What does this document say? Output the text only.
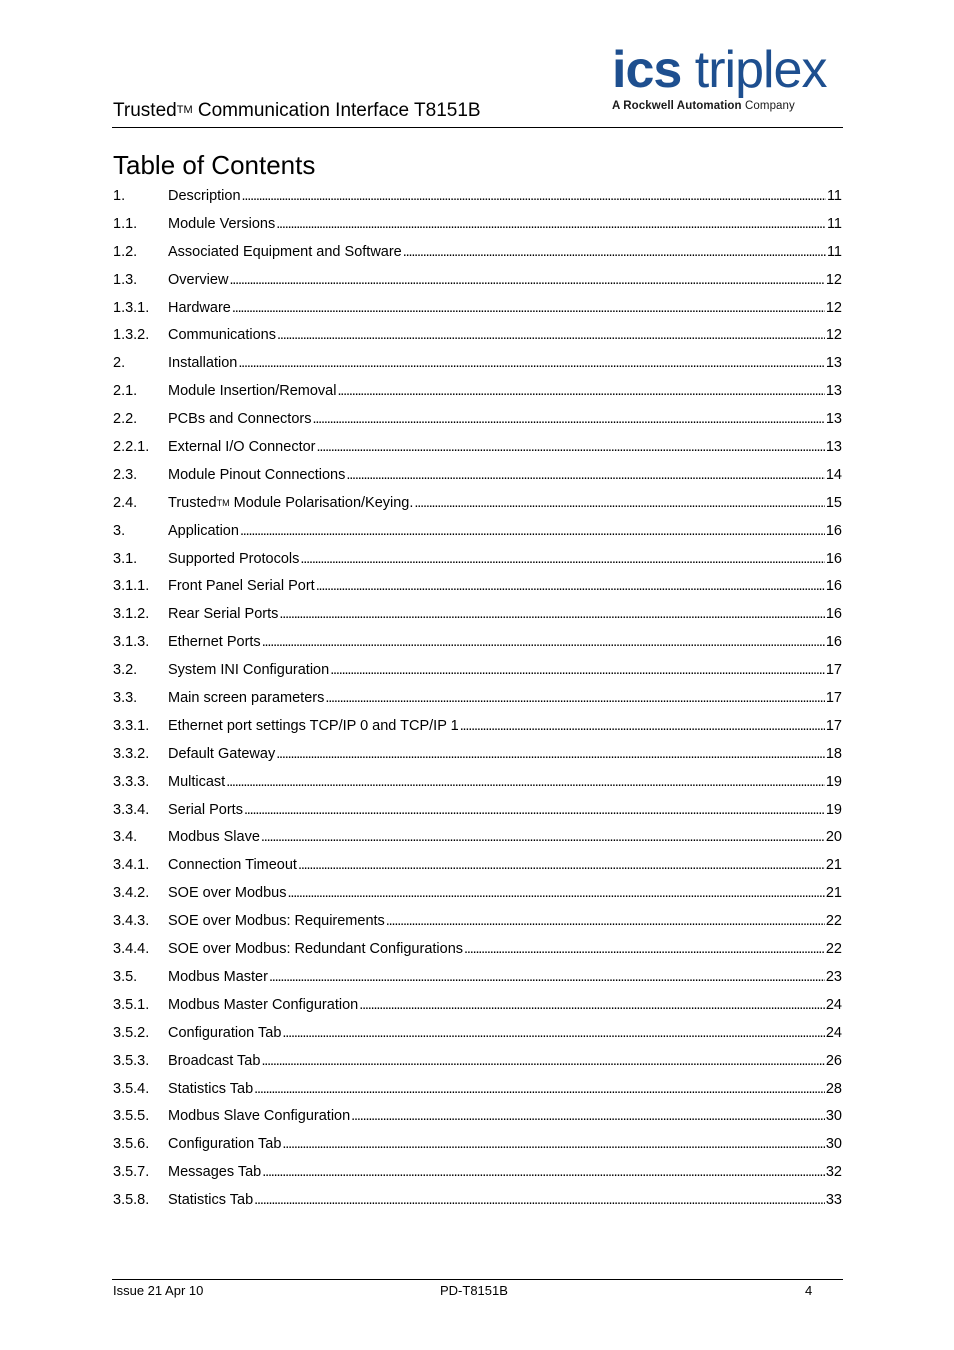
Trusted™ Communication Interface T8151B
ics triplex
A Rockwell Automation Company
Table of Contents
1.	Description . . .	11
1.1.	Module Versions . . .	11
1.2.	Associated Equipment and Software . . .	11
1.3.	Overview . . .	12
1.3.1.	Hardware . . .	12
1.3.2.	Communications . . .	12
2.	Installation . . .	13
2.1.	Module Insertion/Removal . . .	13
2.2.	PCBs and Connectors . . .	13
2.2.1.	External I/O Connector . . .	13
2.3.	Module Pinout Connections . . .	14
2.4.	Trusted™ Module Polarisation/Keying. . . .	15
3.	Application . . .	16
3.1.	Supported Protocols . . .	16
3.1.1.	Front Panel Serial Port . . .	16
3.1.2.	Rear Serial Ports . . .	16
3.1.3.	Ethernet Ports . . .	16
3.2.	System INI Configuration . . .	17
3.3.	Main screen parameters . . .	17
3.3.1.	Ethernet port settings TCP/IP 0 and TCP/IP 1 . . .	17
3.3.2.	Default Gateway . . .	18
3.3.3.	Multicast . . .	19
3.3.4.	Serial Ports . . .	19
3.4.	Modbus Slave . . .	20
3.4.1.	Connection Timeout . . .	21
3.4.2.	SOE over Modbus . . .	21
3.4.3.	SOE over Modbus: Requirements . . .	22
3.4.4.	SOE over Modbus: Redundant Configurations . . .	22
3.5.	Modbus Master . . .	23
3.5.1.	Modbus Master Configuration . . .	24
3.5.2.	Configuration Tab . . .	24
3.5.3.	Broadcast Tab . . .	26
3.5.4.	Statistics Tab . . .	28
3.5.5.	Modbus Slave Configuration . . .	30
3.5.6.	Configuration Tab . . .	30
3.5.7.	Messages Tab . . .	32
3.5.8.	Statistics Tab . . .	33
Issue 21 Apr 10	PD-T8151B	4
